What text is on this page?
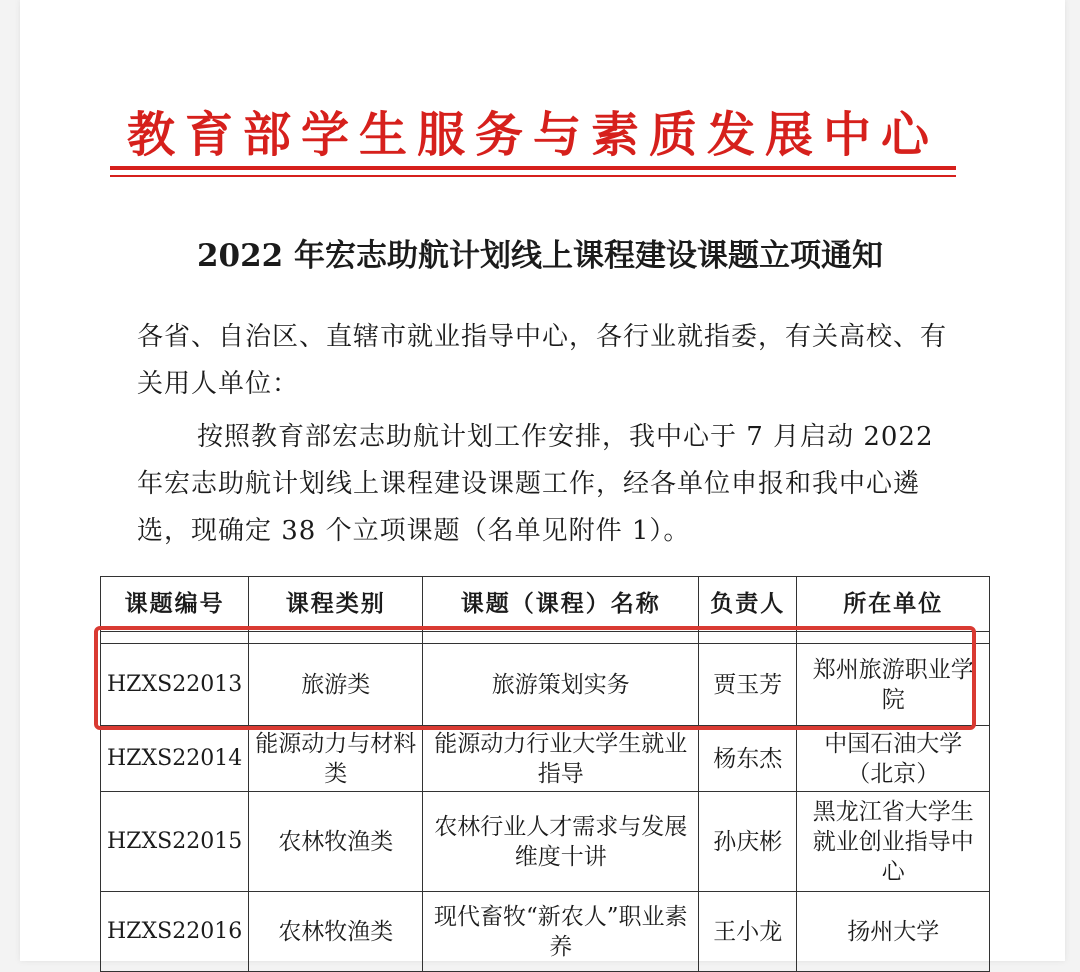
教育部学生服务与素质发展中心
2022 年宏志助航计划线上课程建设课题立项通知
各省、自治区、直辖市就业指导中心，各行业就指委，有关高校、有关用人单位：
按照教育部宏志助航计划工作安排，我中心于 7 月启动 2022 年宏志助航计划线上课程建设课题工作，经各单位申报和我中心遴选，现确定 38 个立项课题（名单见附件 1）。
课题编号	课程类别	课题（课程）名称	负责人	所在单位

HZXS22013	旅游类	旅游策划实务	贾玉芳	郑州旅游职业学院
HZXS22014	能源动力与材料类	能源动力行业大学生就业指导	杨东杰	中国石油大学（北京）
HZXS22015	农林牧渔类	农林行业人才需求与发展维度十讲	孙庆彬	黑龙江省大学生就业创业指导中心
HZXS22016	农林牧渔类	现代畜牧“新农人”职业素养	王小龙	扬州大学
